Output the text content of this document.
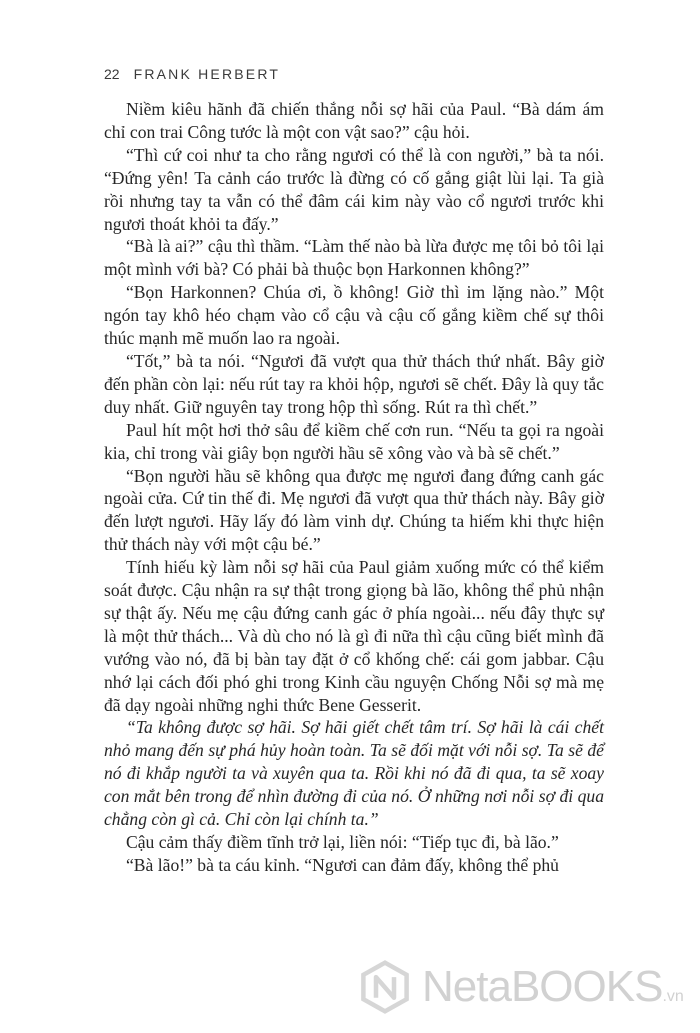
22 FRANK HERBERT

Niềm kiêu hãnh đã chiến thắng nỗi sợ hãi của Paul. “Bà dám ám chỉ con trai Công tước là một con vật sao?” cậu hỏi.

“Thì cứ coi như ta cho rằng ngươi có thể là con người,” bà ta nói. “Đứng yên! Ta cảnh cáo trước là đừng có cố gắng giật lùi lại. Ta già rồi nhưng tay ta vẫn có thể đâm cái kim này vào cổ ngươi trước khi ngươi thoát khỏi ta đấy.”

“Bà là ai?” cậu thì thầm. “Làm thế nào bà lừa được mẹ tôi bỏ tôi lại một mình với bà? Có phải bà thuộc bọn Harkonnen không?”

“Bọn Harkonnen? Chúa ơi, ồ không! Giờ thì im lặng nào.” Một ngón tay khô héo chạm vào cổ cậu và cậu cố gắng kiềm chế sự thôi thúc mạnh mẽ muốn lao ra ngoài.

“Tốt,” bà ta nói. “Ngươi đã vượt qua thử thách thứ nhất. Bây giờ đến phần còn lại: nếu rút tay ra khỏi hộp, ngươi sẽ chết. Đây là quy tắc duy nhất. Giữ nguyên tay trong hộp thì sống. Rút ra thì chết.”

Paul hít một hơi thở sâu để kiềm chế cơn run. “Nếu ta gọi ra ngoài kia, chỉ trong vài giây bọn người hầu sẽ xông vào và bà sẽ chết.”

“Bọn người hầu sẽ không qua được mẹ ngươi đang đứng canh gác ngoài cửa. Cứ tin thế đi. Mẹ ngươi đã vượt qua thử thách này. Bây giờ đến lượt ngươi. Hãy lấy đó làm vinh dự. Chúng ta hiếm khi thực hiện thử thách này với một cậu bé.”

Tính hiếu kỳ làm nỗi sợ hãi của Paul giảm xuống mức có thể kiểm soát được. Cậu nhận ra sự thật trong giọng bà lão, không thể phủ nhận sự thật ấy. Nếu mẹ cậu đứng canh gác ở phía ngoài... nếu đây thực sự là một thử thách... Và dù cho nó là gì đi nữa thì cậu cũng biết mình đã vướng vào nó, đã bị bàn tay đặt ở cổ khống chế: cái gom jabbar. Cậu nhớ lại cách đối phó ghi trong Kinh cầu nguyện Chống Nỗi sợ mà mẹ đã dạy ngoài những nghi thức Bene Gesserit.

“Ta không được sợ hãi. Sợ hãi giết chết tâm trí. Sợ hãi là cái chết nhỏ mang đến sự phá hủy hoàn toàn. Ta sẽ đối mặt với nỗi sợ. Ta sẽ để nó đi khắp người ta và xuyên qua ta. Rồi khi nó đã đi qua, ta sẽ xoay con mắt bên trong để nhìn đường đi của nó. Ở những nơi nỗi sợ đi qua chẳng còn gì cả. Chỉ còn lại chính ta.”

Cậu cảm thấy điềm tĩnh trở lại, liền nói: “Tiếp tục đi, bà lão.”

“Bà lão!” bà ta cáu kỉnh. “Ngươi can đảm đấy, không thể phủ

NetaBOOKS.vn
